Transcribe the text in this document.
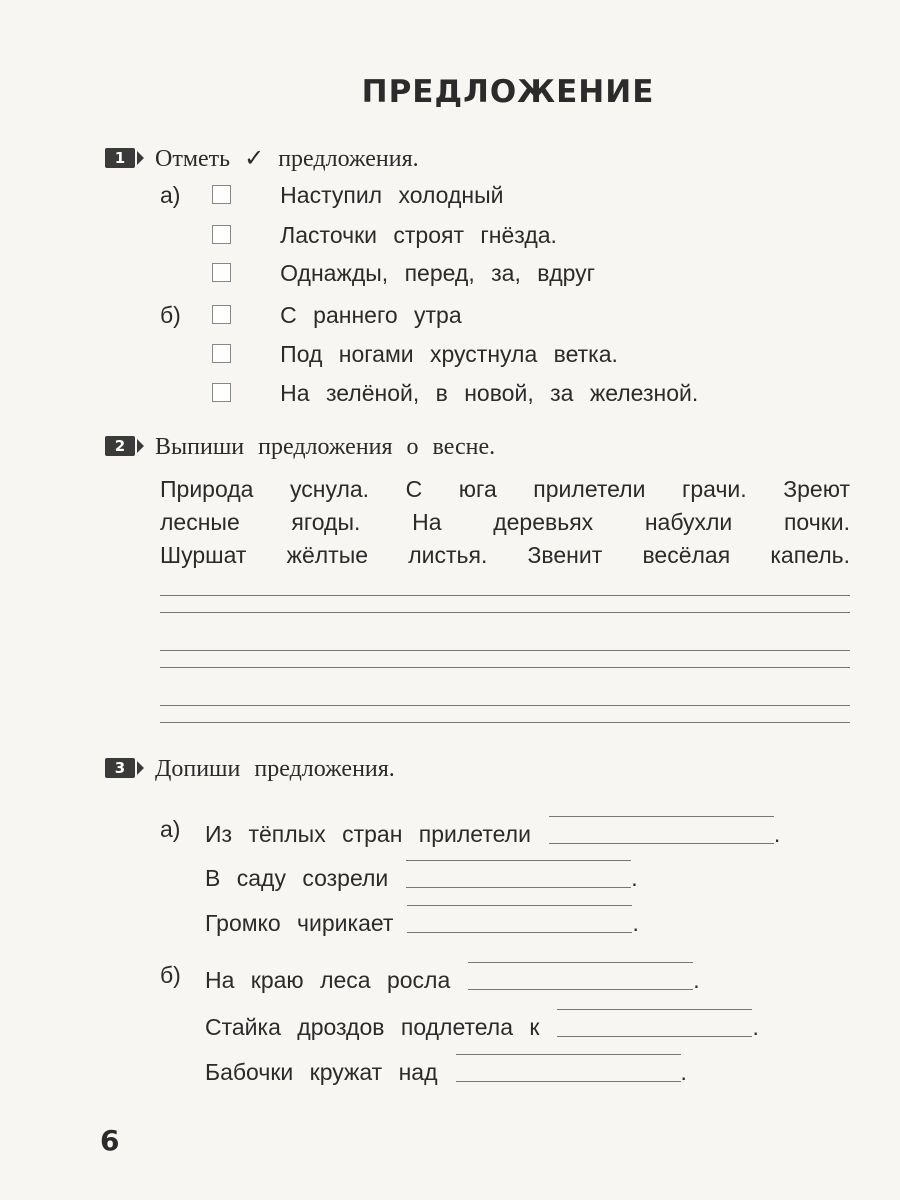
ПРЕДЛОЖЕНИЕ
1 Отметь ✓ предложения.
а)	Наступил холодный
Ласточки строят гнёзда.
Однажды, перед, за, вдруг
б)	С раннего утра
Под ногами хрустнула ветка.
На зелёной, в новой, за железной.
2 Выпиши предложения о весне.
Природа уснула. С юга прилетели грачи. Зреют
лесные ягоды. На деревьях набухли почки.
Шуршат жёлтые листья. Звенит весёлая капель.
3 Допиши предложения.
а) Из тёплых стран прилетели	.
В саду созрели	.
Громко чирикает	.
б) На краю леса росла	.
Стайка дроздов подлетела к	.
Бабочки кружат над	.
6
